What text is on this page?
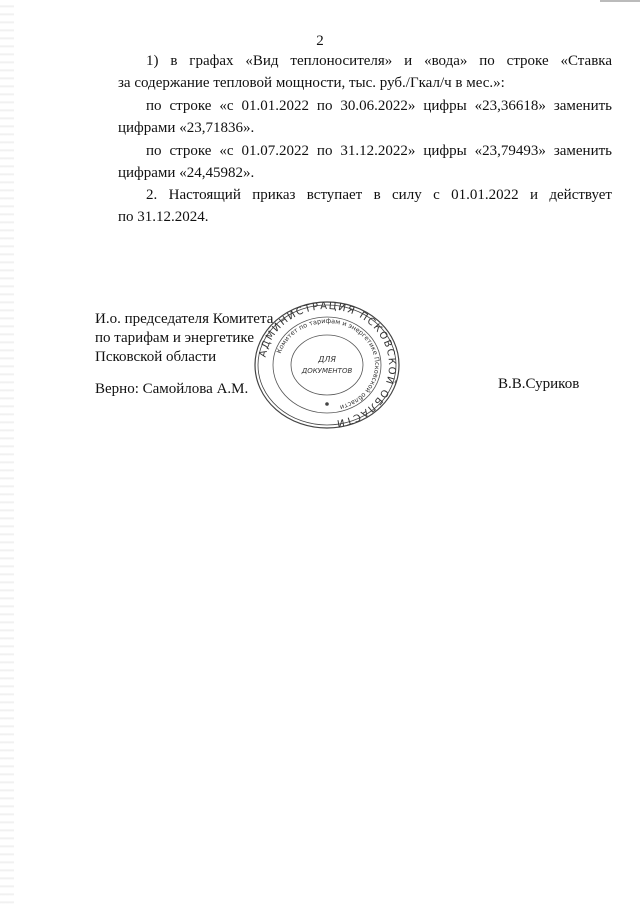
2
1) в графах «Вид теплоносителя» и «вода» по строке «Ставка
за содержание тепловой мощности, тыс. руб./Гкал/ч в мес.»:
по строке «с 01.01.2022 по 30.06.2022» цифры «23,36618» заменить
цифрами «23,71836».
по строке «с 01.07.2022 по 31.12.2022» цифры «23,79493» заменить
цифрами «24,45982».
2. Настоящий приказ вступает в силу с 01.01.2022 и действует
по 31.12.2024.
И.о. председателя Комитета
по тарифам и энергетике
Псковской области
В.В.Суриков
Верно: Самойлова А.М.
АДМИНИСТРАЦИЯ ПСКОВСКОЙ ОБЛАСТИ
Комитет по тарифам и энергетике Псковской области
ДЛЯ
ДОКУМЕНТОВ
